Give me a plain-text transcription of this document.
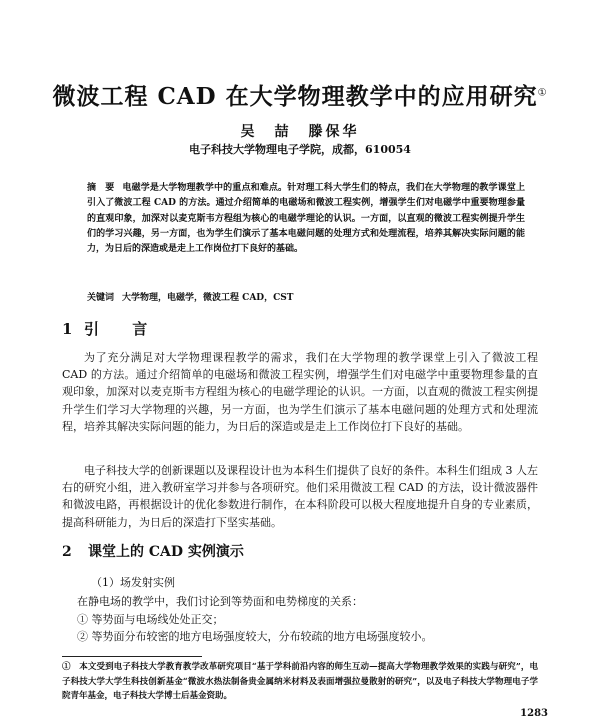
微波工程 CAD 在大学物理教学中的应用研究①
吴　喆　滕保华
电子科技大学物理电子学院，成都，610054
摘　要 电磁学是大学物理教学中的重点和难点。针对理工科大学生们的特点，我们在大学物理的教学课堂上引入了微波工程 CAD 的方法。通过介绍简单的电磁场和微波工程实例，增强学生们对电磁学中重要物理参量的直观印象，加深对以麦克斯韦方程组为核心的电磁学理论的认识。一方面，以直观的微波工程实例提升学生们的学习兴趣，另一方面，也为学生们演示了基本电磁问题的处理方式和处理流程，培养其解决实际问题的能力，为日后的深造或是走上工作岗位打下良好的基础。
关键词 大学物理，电磁学，微波工程 CAD，CST
1 引 言
为了充分满足对大学物理课程教学的需求，我们在大学物理的教学课堂上引入了微波工程 CAD 的方法。通过介绍简单的电磁场和微波工程实例，增强学生们对电磁学中重要物理参量的直观印象，加深对以麦克斯韦方程组为核心的电磁学理论的认识。一方面，以直观的微波工程实例提升学生们学习大学物理的兴趣，另一方面，也为学生们演示了基本电磁问题的处理方式和处理流程，培养其解决实际问题的能力，为日后的深造或是走上工作岗位打下良好的基础。
电子科技大学的创新课题以及课程设计也为本科生们提供了良好的条件。本科生们组成 3 人左右的研究小组，进入教研室学习并参与各项研究。他们采用微波工程 CAD 的方法，设计微波器件和微波电路，再根据设计的优化参数进行制作，在本科阶段可以极大程度地提升自身的专业素质，提高科研能力，为日后的深造打下坚实基础。
2 课堂上的 CAD 实例演示
（1）场发射实例
在静电场的教学中，我们讨论到等势面和电势梯度的关系：
① 等势面与电场线处处正交；
② 等势面分布较密的地方电场强度较大，分布较疏的地方电场强度较小。
①　本文受到电子科技大学教育教学改革研究项目“基于学科前沿内容的师生互动—提高大学物理教学效果的实践与研究”，电子科技大学大学生科技创新基金“微波水热法制备贵金属纳米材料及表面增强拉曼散射的研究”，以及电子科技大学物理电子学院青年基金，电子科技大学博士后基金资助。
1283
